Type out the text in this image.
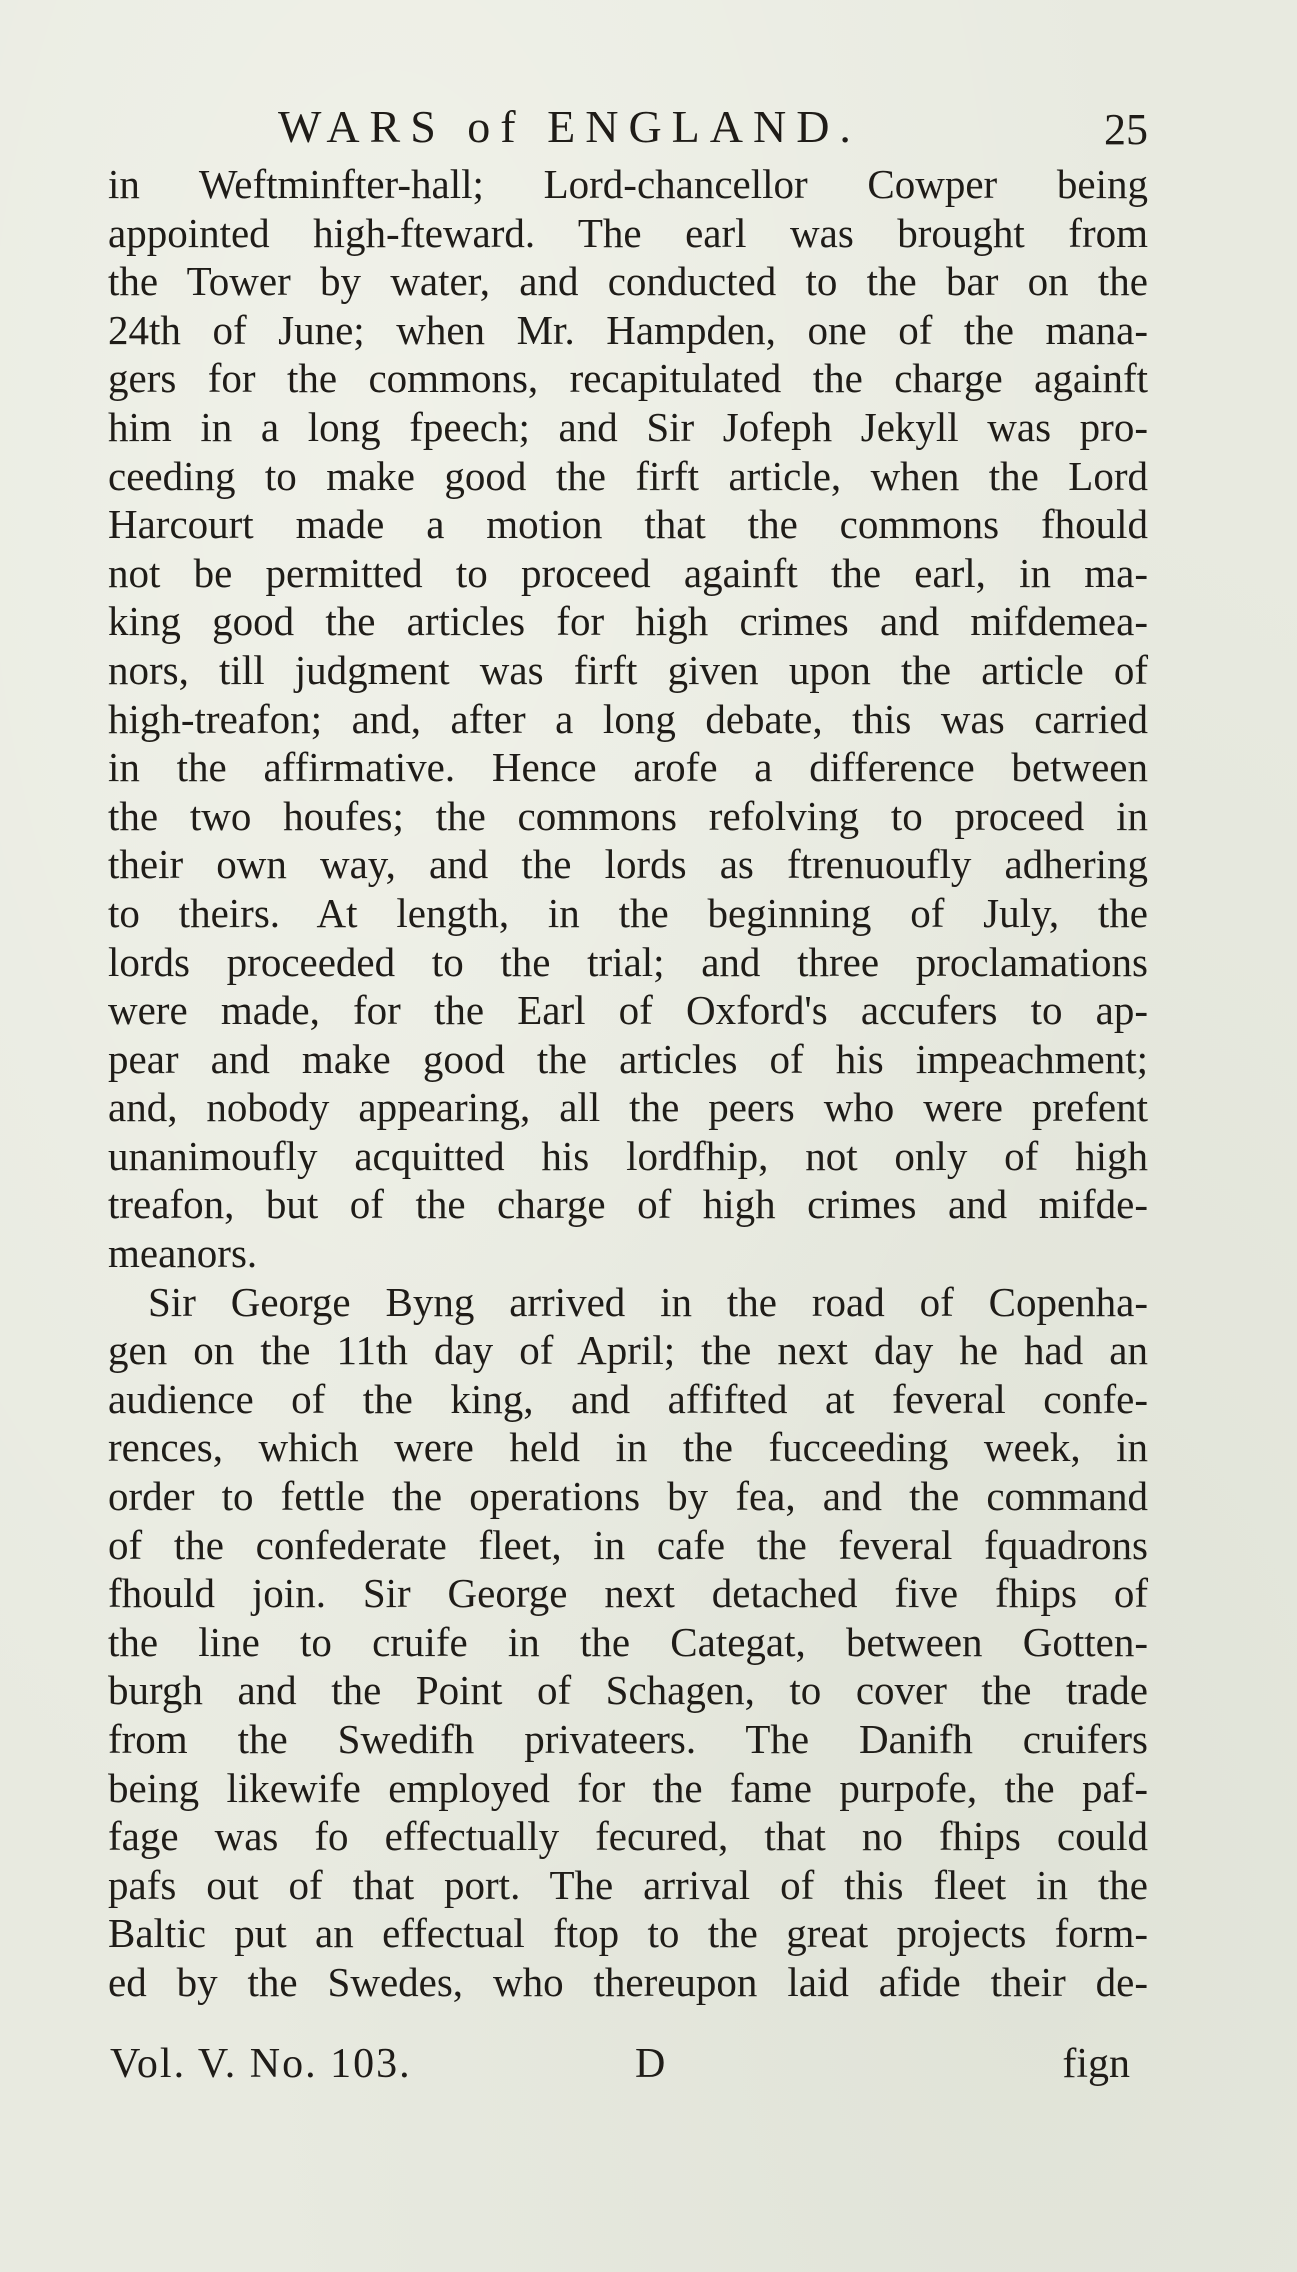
WARS of ENGLAND.	25
in Weftminfter-hall; Lord-chancellor Cowper being
appointed high-fteward. The earl was brought from
the Tower by water, and conducted to the bar on the
24th of June; when Mr. Hampden, one of the mana-
gers for the commons, recapitulated the charge againft
him in a long fpeech; and Sir Jofeph Jekyll was pro-
ceeding to make good the firft article, when the Lord
Harcourt made a motion that the commons fhould
not be permitted to proceed againft the earl, in ma-
king good the articles for high crimes and mifdemea-
nors, till judgment was firft given upon the article of
high-treafon; and, after a long debate, this was carried
in the affirmative. Hence arofe a difference between
the two houfes; the commons refolving to proceed in
their own way, and the lords as ftrenuoufly adhering
to theirs. At length, in the beginning of July, the
lords proceeded to the trial; and three proclamations
were made, for the Earl of Oxford's accufers to ap-
pear and make good the articles of his impeachment;
and, nobody appearing, all the peers who were prefent
unanimoufly acquitted his lordfhip, not only of high
treafon, but of the charge of high crimes and mifde-
meanors.
Sir George Byng arrived in the road of Copenha-
gen on the 11th day of April; the next day he had an
audience of the king, and affifted at feveral confe-
rences, which were held in the fucceeding week, in
order to fettle the operations by fea, and the command
of the confederate fleet, in cafe the feveral fquadrons
fhould join. Sir George next detached five fhips of
the line to cruife in the Categat, between Gotten-
burgh and the Point of Schagen, to cover the trade
from the Swedifh privateers. The Danifh cruifers
being likewife employed for the fame purpofe, the paf-
fage was fo effectually fecured, that no fhips could
pafs out of that port. The arrival of this fleet in the
Baltic put an effectual ftop to the great projects form-
ed by the Swedes, who thereupon laid afide their de-
Vol. V. No. 103.	D	fign
